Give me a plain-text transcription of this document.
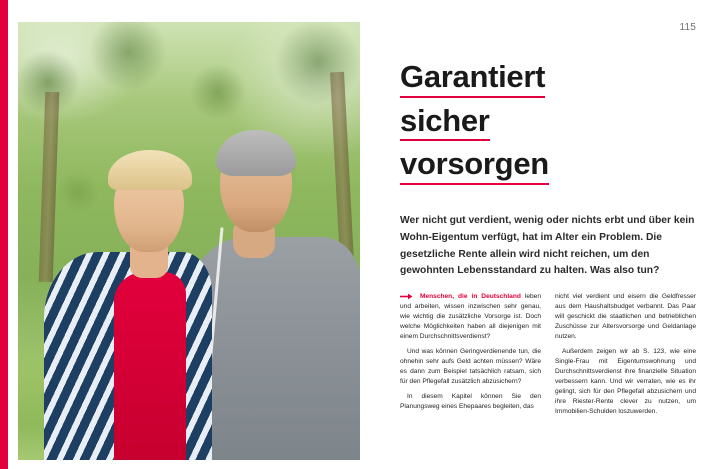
115
Garantiert
sicher
vorsorgen

Wer nicht gut verdient, wenig oder nichts erbt und über kein Wohn-Eigentum verfügt, hat im Alter ein Problem. Die gesetzliche Rente allein wird nicht reichen, um den gewohnten Lebensstandard zu halten. Was also tun?

Menschen, die in Deutschland leben und arbeiten, wissen inzwischen sehr genau, wie wichtig die zusätzliche Vorsorge ist. Doch welche Möglichkeiten haben all diejenigen mit einem Durchschnittsverdienst?

Und was können Geringverdienende tun, die ohnehin sehr aufs Geld achten müssen? Wäre es dann zum Beispiel tatsächlich ratsam, sich für den Pflegefall zusätzlich abzusichern?

In diesem Kapitel können Sie den Planungsweg eines Ehepaares begleiten, das

nicht viel verdient und eisern die Geldfresser aus dem Haushaltsbudget verbannt. Das Paar will geschickt die staatlichen und betrieblichen Zuschüsse zur Altersvorsorge und Geldanlage nutzen.

Außerdem zeigen wir ab S. 123, wie eine Single-Frau mit Eigentumswohnung und Durchschnittsverdienst ihre finanzielle Situation verbessern kann. Und wir verraten, wie es ihr gelingt, sich für den Pflegefall abzusichern und ihre Riester-Rente clever zu nutzen, um Immobilien-Schulden loszuwerden.
